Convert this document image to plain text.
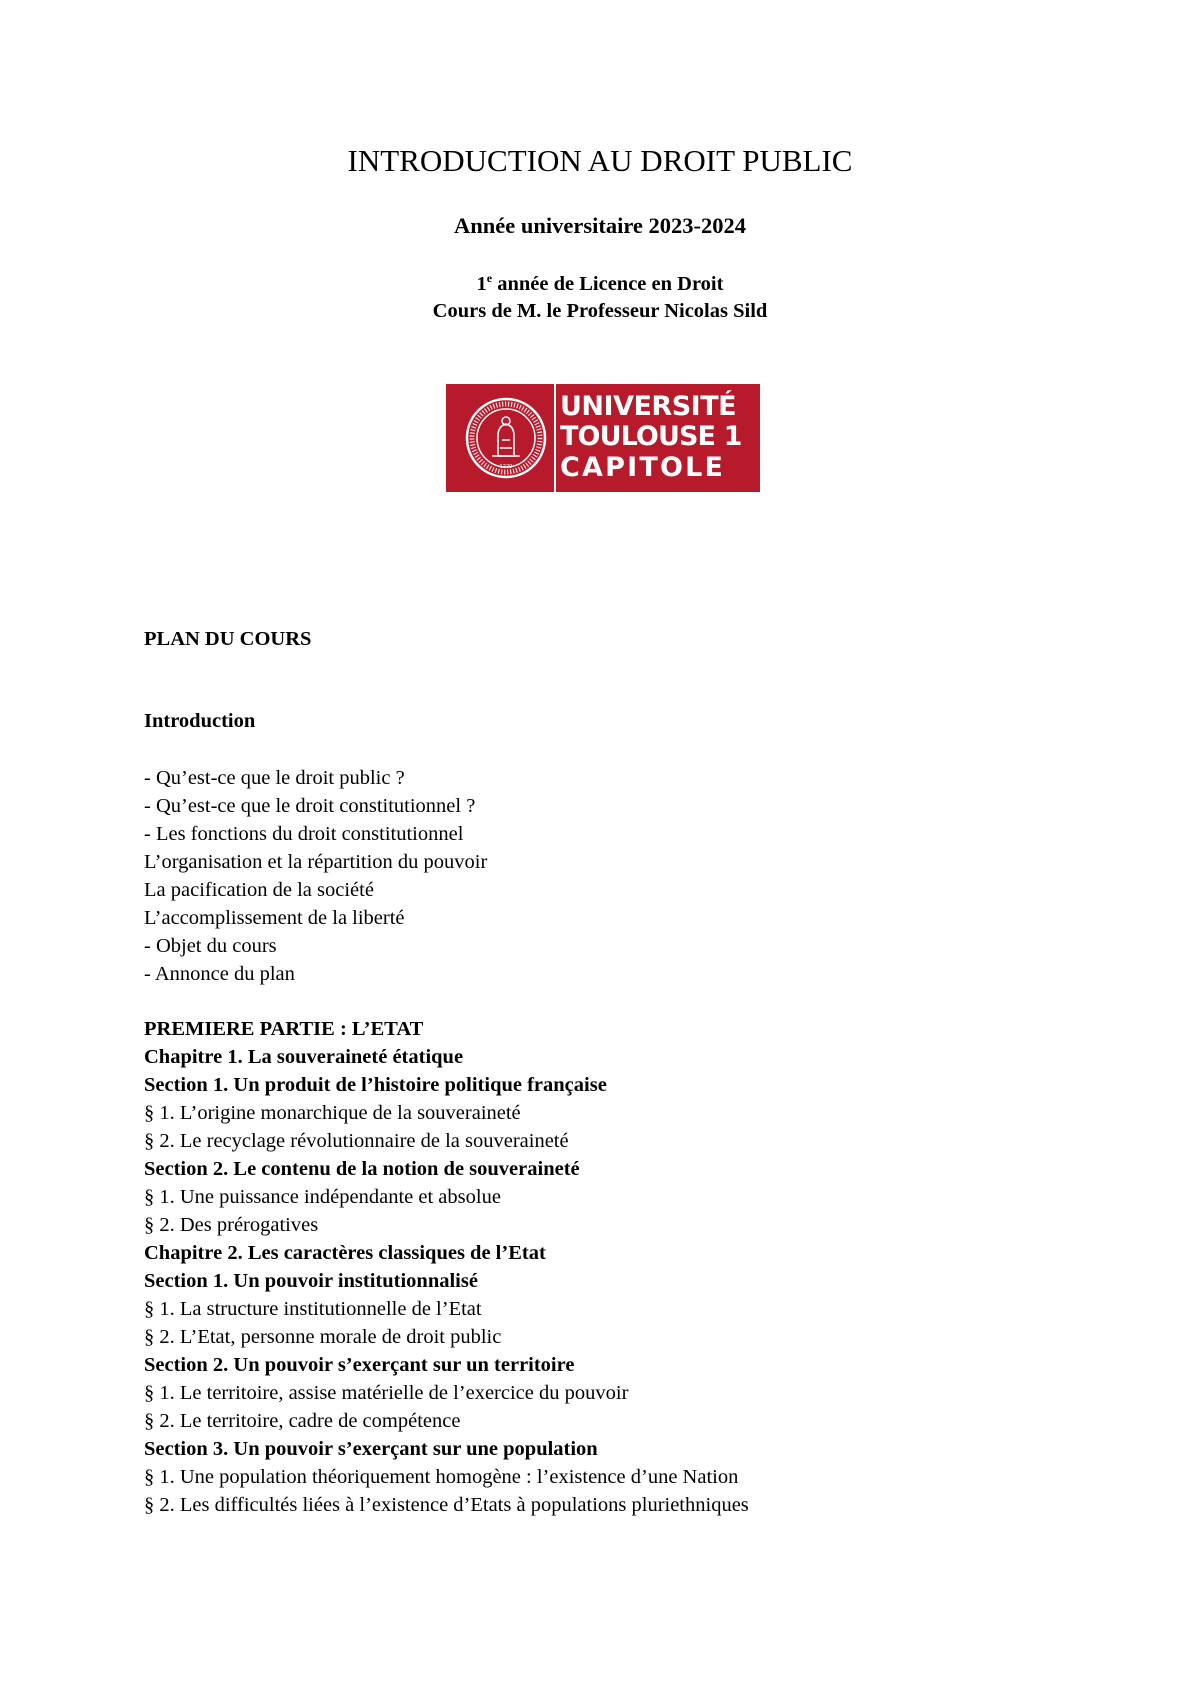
INTRODUCTION AU DROIT PUBLIC
Année universitaire 2023-2024
1e année de Licence en Droit
Cours de M. le Professeur Nicolas Sild
1229
UNIVERSITÉ
TOULOUSE 1
CAPITOLE
PLAN DU COURS
Introduction
- Qu’est-ce que le droit public ?
- Qu’est-ce que le droit constitutionnel ?
- Les fonctions du droit constitutionnel
L’organisation et la répartition du pouvoir
La pacification de la société
L’accomplissement de la liberté
- Objet du cours
- Annonce du plan
PREMIERE PARTIE : L’ETAT
Chapitre 1. La souveraineté étatique
Section 1. Un produit de l’histoire politique française
§ 1. L’origine monarchique de la souveraineté
§ 2. Le recyclage révolutionnaire de la souveraineté
Section 2. Le contenu de la notion de souveraineté
§ 1. Une puissance indépendante et absolue
§ 2. Des prérogatives
Chapitre 2. Les caractères classiques de l’Etat
Section 1. Un pouvoir institutionnalisé
§ 1. La structure institutionnelle de l’Etat
§ 2. L’Etat, personne morale de droit public
Section 2. Un pouvoir s’exerçant sur un territoire
§ 1. Le territoire, assise matérielle de l’exercice du pouvoir
§ 2. Le territoire, cadre de compétence
Section 3. Un pouvoir s’exerçant sur une population
§ 1. Une population théoriquement homogène : l’existence d’une Nation
§ 2. Les difficultés liées à l’existence d’Etats à populations pluriethniques
